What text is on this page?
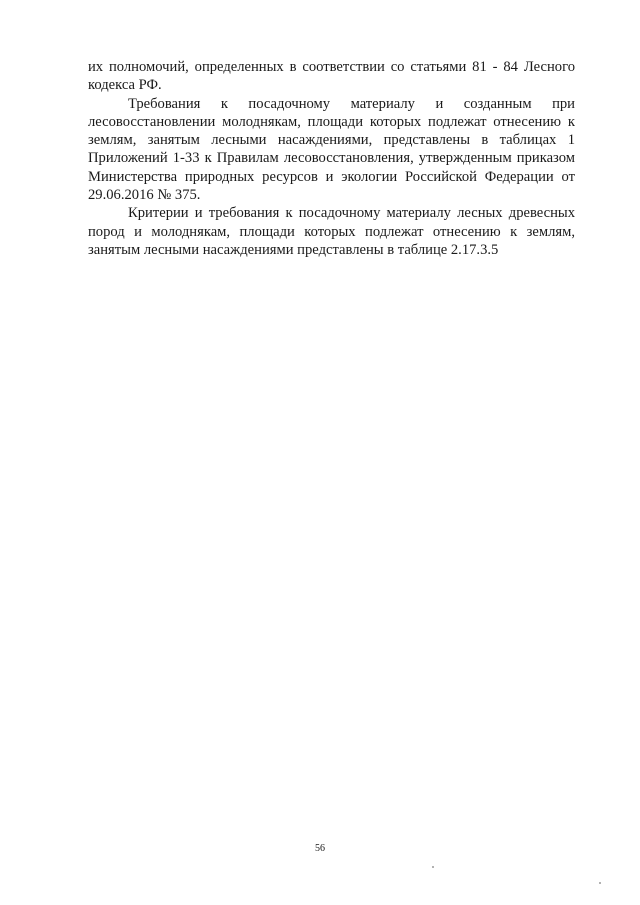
их полномочий, определенных в соответствии со статьями 81 - 84 Лесного кодекса РФ.

Требования к посадочному материалу и созданным при лесовосстановлении молоднякам, площади которых подлежат отнесению к землям, занятым лесными насаждениями, представлены в таблицах 1 Приложений 1-33 к Правилам лесовосстановления, утвержденным приказом Министерства природных ресурсов и экологии Российской Федерации от 29.06.2016 № 375.

Критерии и требования к посадочному материалу лесных древесных пород и молоднякам, площади которых подлежат отнесению к землям, занятым лесными насаждениями представлены в таблице 2.17.3.5

56
